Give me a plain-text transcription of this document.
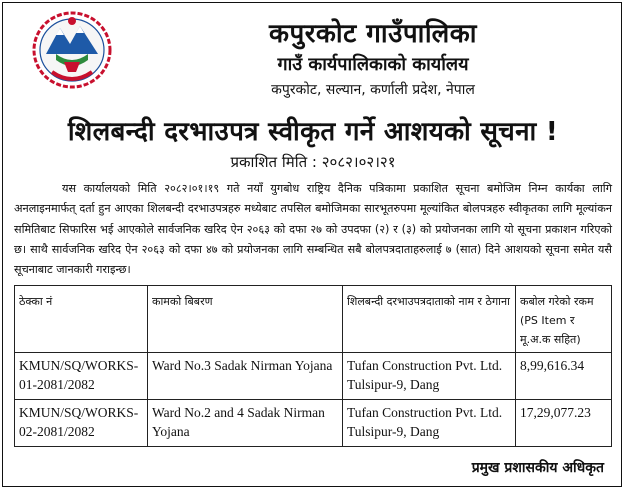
कपुरकोट गाउँपालिका
गाउँ कार्यपालिकाको कार्यालय
कपुरकोट, सल्यान, कर्णाली प्रदेश, नेपाल
शिलबन्दी दरभाउपत्र स्वीकृत गर्ने आशयको सूचना !
प्रकाशित मिति : २०८२।०२।२१
यस कार्यालयको मिति २०८२।०१।१९ गते नयाँ युगबोध राष्ट्रिय दैनिक पत्रिकामा प्रकाशित सूचना बमोजिम निम्न कार्यका लागि अनलाइनमार्फत् दर्ता हुन आएका शिलबन्दी दरभाउपत्रहरु मध्येबाट तपसिल बमोजिमका सारभूतरुपमा मूल्यांकित बोलपत्रहरु स्वीकृतका लागि मूल्यांकन समितिबाट सिफारिस भई आएकोले सार्वजनिक खरिद ऐन २०६३ को दफा २७ को उपदफा (२) र (३) को प्रयोजनका लागि यो सूचना प्रकाशन गरिएको छ। साथै सार्वजनिक खरिद ऐन २०६३ को दफा ४७ को प्रयोजनका लागि सम्बन्धित सबै बोलपत्रदाताहरुलाई ७ (सात) दिने आशयको सूचना समेत यसै सूचनाबाट जानकारी गराइन्छ।
ठेक्का नं	कामको बिबरण	शिलबन्दी दरभाउपत्रदाताको नाम र ठेगाना	कबोल गरेको रकम (PS Item र मू.अ.क सहित)
KMUN/SQ/WORKS-01-2081/2082	Ward No.3 Sadak Nirman Yojana	Tufan Construction Pvt. Ltd. Tulsipur-9, Dang	8,99,616.34
KMUN/SQ/WORKS-02-2081/2082	Ward No.2 and 4 Sadak Nirman Yojana	Tufan Construction Pvt. Ltd. Tulsipur-9, Dang	17,29,077.23
प्रमुख प्रशासकीय अधिकृत
